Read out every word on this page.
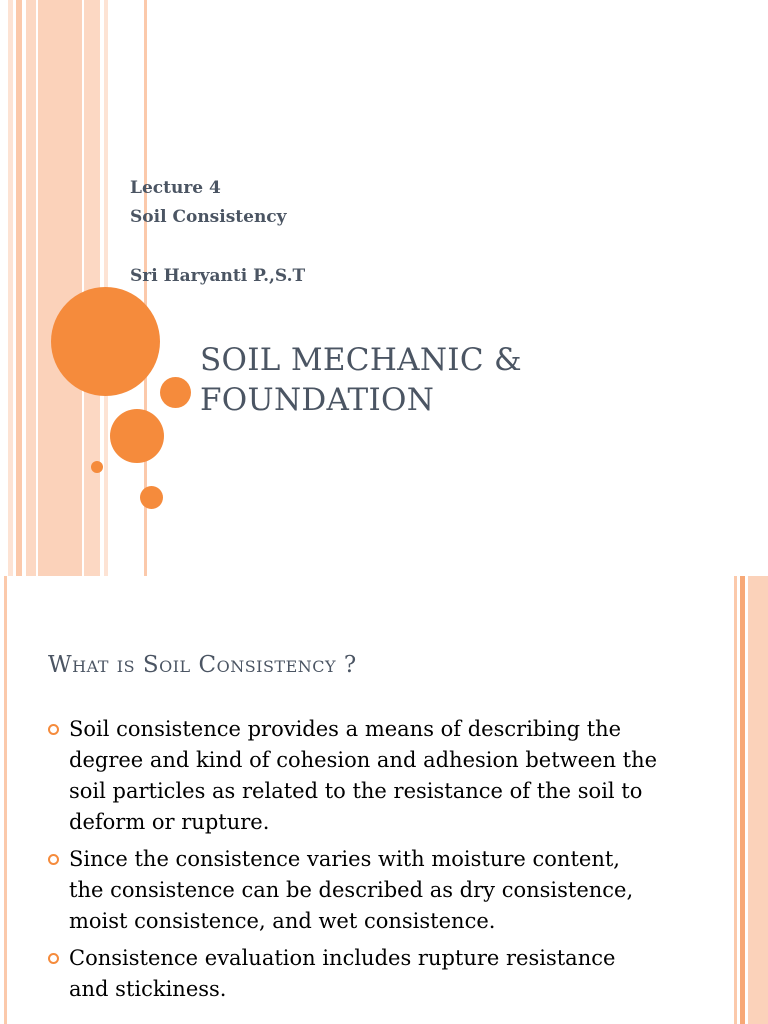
Lecture 4
Soil Consistency
Sri Haryanti P.,S.T
SOIL MECHANIC &
FOUNDATION
What is Soil Consistency ?
Soil consistence provides a means of describing the degree and kind of cohesion and adhesion between the soil particles as related to the resistance of the soil to deform or rupture.
Since the consistence varies with moisture content, the consistence can be described as dry consistence, moist consistence, and wet consistence.
Consistence evaluation includes rupture resistance and stickiness.
